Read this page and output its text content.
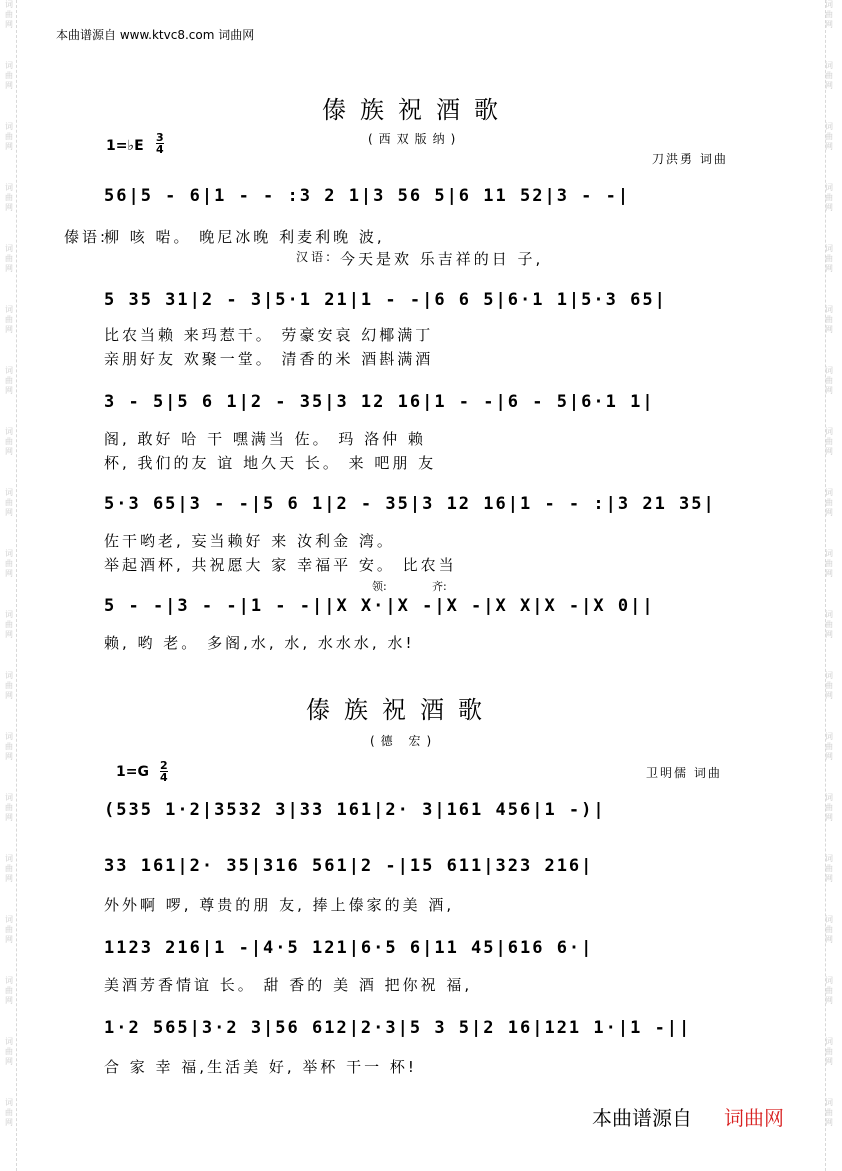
词
曲
网
词
曲
网
词
曲
网
词
曲
网
词
曲
网
词
曲
网
词
曲
网
词
曲
网
词
曲
网
词
曲
网
词
曲
网
词
曲
网
词
曲
网
词
曲
网
词
曲
网
词
曲
网
词
曲
网
词
曲
网
词
曲
网
词
曲
网
词
曲
网
词
曲
网
词
曲
网
词
曲
网
词
曲
网
词
曲
网
词
曲
网
词
曲
网
词
曲
网
词
曲
网
词
曲
网
词
曲
网
词
曲
网
词
曲
网
词
曲
网
词
曲
网
词
曲
网
词
曲
网
本曲谱源自 www.ktvc8.com 词曲网
傣族祝酒歌
(西双版纳)
1=♭E
3
4
刀洪勇 词曲
56|5 - 6|1 - - :3 2 1|3 56 5|6 11 52|3 - -|
傣语:
柳 咳 啱。 晚尼冰晚 利麦利晚 波,
汉语: 今天是欢 乐吉祥的日 子,
5 35 31|2 - 3|5·1 21|1 - -|6 6 5|6·1 1|5·3 65|
比农当赖 来玛惹干。 劳豪安哀 幻椰满丁
亲朋好友 欢聚一堂。 清香的米 酒斟满酒
3 - 5|5 6 1|2 - 35|3 12 16|1 - -|6 - 5|6·1 1|
阁, 敢好 哈 干 嘿满当 佐。 玛 洛仲 赖
杯, 我们的友 谊 地久天 长。 来 吧朋 友
5·3 65|3 - -|5 6 1|2 - 35|3 12 16|1 - - :|3 21 35|
佐干哟老, 妄当赖好 来 汝利金 湾。
举起酒杯, 共祝愿大 家 幸福平 安。 比农当
领:	齐:
5 - -|3 - -|1 - -||X X·|X -|X -|X X|X -|X 0||
赖, 哟 老。 多阁,水, 水, 水水水, 水!
傣族祝酒歌
(德 宏)
1=G 2
4	卫明儒 词曲
(535 1·2|3532 3|33 161|2· 3|161 456|1 -)|
33 161|2· 35|316 561|2 -|15 611|323 216|
外外啊 啰, 尊贵的朋 友, 捧上傣家的美 酒,
1123 216|1 -|4·5 121|6·5 6|11 45|616 6·|
美酒芳香情谊 长。 甜 香的 美 酒 把你祝 福,
1·2 565|3·2 3|56 612|2·3|5 3 5|2 16|121 1·|1 -||
合 家 幸 福,生活美 好, 举杯 干一 杯!
本曲谱源自 词曲网
